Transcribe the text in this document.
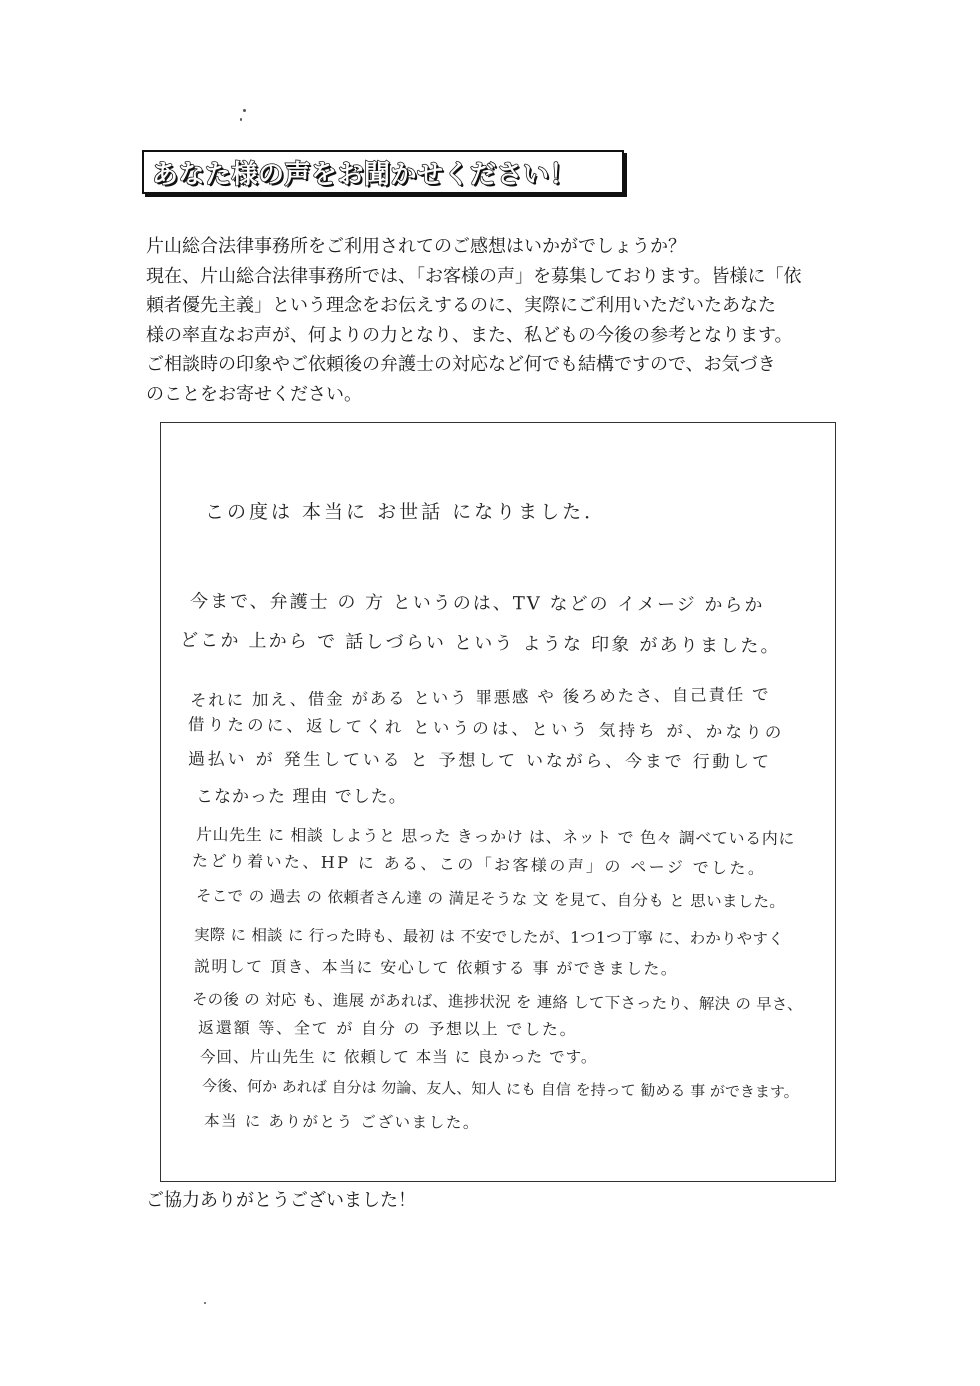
あなた様の声をお聞かせください！
片山総合法律事務所をご利用されてのご感想はいかがでしょうか？
現在、片山総合法律事務所では、「お客様の声」を募集しております。皆様に「依
頼者優先主義」という理念をお伝えするのに、実際にご利用いただいたあなた
様の率直なお声が、何よりの力となり、また、私どもの今後の参考となります。
ご相談時の印象やご依頼後の弁護士の対応など何でも結構ですので、お気づき
のことをお寄せください。
この度は 本当に お世話 になりました．
今まで、弁護士 の 方 というのは、TV などの イメージ からか
どこか 上から で 話しづらい という ような 印象 がありました。
それに 加え、借金 がある という 罪悪感 や 後ろめたさ、自己責任 で
借りたのに、返してくれ というのは、という 気持ち が、かなりの
過払い が 発生している と 予想して いながら、今まで 行動して
こなかった 理由 でした。
片山先生 に 相談 しようと 思った きっかけ は、ネット で 色々 調べている内に
たどり着いた、HP に ある、この「お客様の声」の ページ でした。
そこで の 過去 の 依頼者さん達 の 満足そうな 文 を見て、自分も と 思いました。
実際 に 相談 に 行った時も、最初 は 不安でしたが、1つ1つ丁寧 に、わかりやすく
説明して 頂き、本当に 安心して 依頼する 事 ができました。
その後 の 対応 も、進展 があれば、進捗状況 を 連絡 して下さったり、解決 の 早さ、
返還額 等、全て が 自分 の 予想以上 でした。
今回、片山先生 に 依頼して 本当 に 良かった です。
今後、何か あれば 自分は 勿論、友人、知人 にも 自信 を持って 勧める 事 ができます。
本当 に ありがとう ございました。
ご協力ありがとうございました！
